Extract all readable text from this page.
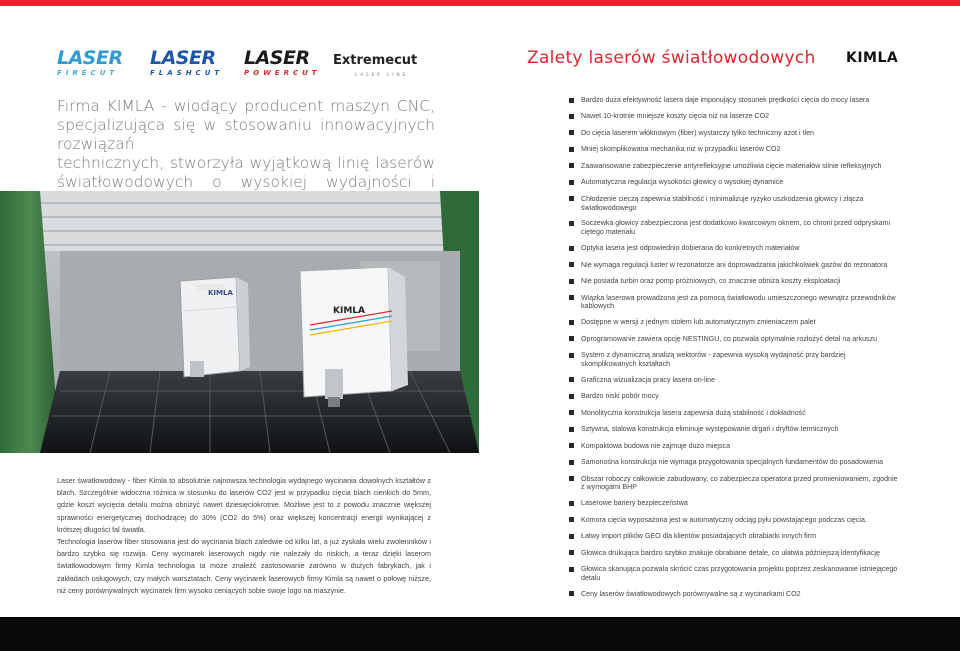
LASER
FIRECUT
LASER
FLASHCUT
LASER
POWERCUT
Extremecut
LASER LINE
Zalety laserów światłowodowych KIMLA
Firma KIMLA - wiodący producent maszyn CNC,
specjalizująca się w stosowaniu innowacyjnych rozwiązań
technicznych, stworzyła wyjątkową linię laserów
światłowodowych o wysokiej wydajności i
KIMLA
KIMLA

Laser światłowodowy - fiber Kimla to absolutnie najnowsza technologia wydajnego wycinania dowolnych kształtów z blach. Szczególnie widoczna różnica w stosunku do laserów CO2 jest w przypadku cięcia blach cienkich do 5mm, gdzie koszt wycięcia detalu można obniżyć nawet dziesięciokrotnie. Możliwe jest to z powodu znacznie większej sprawności energetycznej dochodzącej do 30% (CO2 do 5%) oraz większej koncentracji energii wynikającej z krótszej długości fal światła.

Technologia laserów fiber stosowana jest do wycinania blach zaledwie od kilku lat, a już zyskała wielu zwolenników i bardzo szybko się rozwija. Ceny wycinarek laserowych nigdy nie należały do niskich, a teraz dzięki laserom światłowodowym firmy Kimla technologia ta może znaleźć zastosowanie zarówno w dużych fabrykach, jak i zakładach usługowych, czy małych warsztatach. Ceny wycinarek laserowych firmy Kimla są nawet o połowę niższe, niż ceny porównywalnych wycinarek firm wysoko ceniących sobie swoje logo na maszynie.

Bardzo duża efektywność lasera daje imponujący stosunek prędkości cięcia do mocy lasera
Nawet 10-krotnie mniejsze koszty cięcia niż na laserze CO2
Do cięcia laserem włóknowym (fiber) wystarczy tylko techniczny azot i tlen
Mniej skomplikowana mechanika niż w przypadku laserów CO2
Zaawansowane zabezpieczenie antyrefleksyjne umożliwia cięcie materiałów silnie refleksyjnych
Automatyczna regulacja wysokości głowicy o wysokiej dynamice
Chłodzenie cieczą zapewnia stabilność i minimalizuje ryzyko uszkodzenia głowicy i złącza światłowodowego
Soczewka głowicy zabezpieczona jest dodatkowo kwarcowym oknem, co chroni przed odpryskami ciętego materiału
Optyka lasera jest odpowiednio dobierana do konkretnych materiałów
Nie wymaga regulacji luster w rezonatorze ani doprowadzania jakichkolwiek gazów do rezonatora
Nie posiada turbin oraz pomp próżniowych, co znacznie obniża koszty eksploatacji
Wiązka laserowa prowadzona jest za pomocą światłowodu umieszczonego wewnątrz przewodników kablowych
Dostępne w wersji z jednym stołem lub automatycznym zmieniaczem palet
Oprogramowanie zawiera opcję NESTINGU, co pozwala optymalnie rozłożyć detal na arkuszu
System z dynamiczną analizą wektorów - zapewnia wysoką wydajność przy bardziej skomplikowanych kształtach
Graficzna wizualizacja pracy lasera on-line
Bardzo niski pobór mocy
Monolityczna konstrukcja lasera zapewnia dużą stabilność i dokładność
Sztywna, stalowa konstrukcja eliminuje występowanie drgań i dryftów termicznych
Kompaktowa budowa nie zajmuje dużo miejsca
Samonośna konstrukcja nie wymaga przygotowania specjalnych fundamentów do posadowienia
Obszar roboczy całkowicie zabudowany, co zabezpiecza operatora przed promieniowaniem, zgodnie z wymogami BHP
Laserowe bariery bezpieczeństwa
Komora cięcia wyposażona jest w automatyczny odciąg pyłu powstającego podczas cięcia.
Łatwy import plików GEO dla klientów posiadających obrabiarki innych firm
Głowica drukująca bardzo szybko znakuje obrabiane detale, co ułatwia późniejszą identyfikację
Głowica skanująca pozwala skrócić czas przygotowania projektu poprzez zeskanowanie istniejącego detalu
Ceny laserów światłowodowych porównywalne są z wycinarkami CO2
